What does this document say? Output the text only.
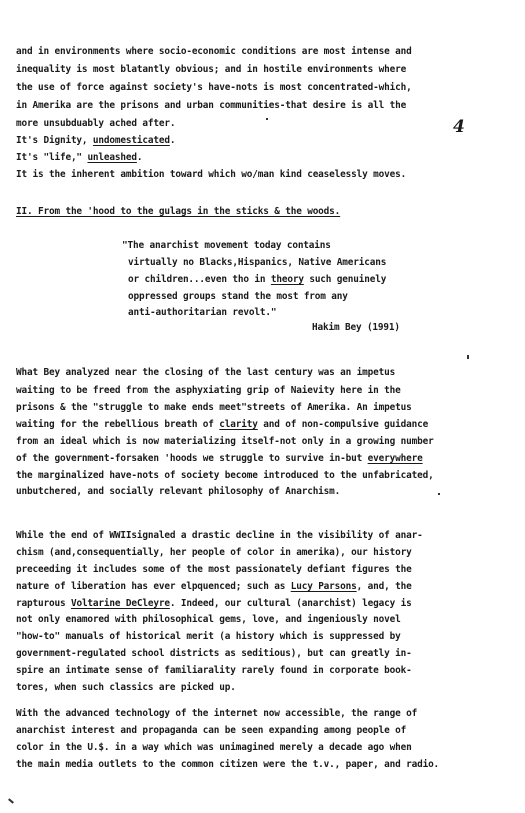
and in environments where socio-economic conditions are most intense and
inequality is most blatantly obvious; and in hostile environments where
the use of force against society's have-nots is most concentrated-which,
in Amerika are the prisons and urban communities-that desire is all the
more unsubduably ached after.	4
It's Dignity, undomesticated.
It's "life," unleashed.
It is the inherent ambition toward which wo/man kind ceaselessly moves.
II. From the 'hood to the gulags in the sticks & the woods.
"The anarchist movement today contains
virtually no Blacks,Hispanics, Native Americans
or children...even tho in theory such genuinely
oppressed groups stand the most from any
anti-authoritarian revolt."
Hakim Bey (1991)
What Bey analyzed near the closing of the last century was an impetus
waiting to be freed from the asphyxiating grip of Naievity here in the
prisons & the "struggle to make ends meet"streets of Amerika. An impetus
waiting for the rebellious breath of clarity and of non-compulsive guidance
from an ideal which is now materializing itself-not only in a growing number
of the government-forsaken 'hoods we struggle to survive in-but everywhere
the marginalized have-nots of society become introduced to the unfabricated,
unbutchered, and socially relevant philosophy of Anarchism.
While the end of WWIIsignaled a drastic decline in the visibility of anar-
chism (and,consequentially, her people of color in amerika), our history
preceeding it includes some of the most passionately defiant figures the
nature of liberation has ever elpquenced; such as Lucy Parsons, and, the
rapturous Voltarine DeCleyre. Indeed, our cultural (anarchist) legacy is
not only enamored with philosophical gems, love, and ingeniously novel
"how-to" manuals of historical merit (a history which is suppressed by
government-regulated school districts as seditious), but can greatly in-
spire an intimate sense of familiarality rarely found in corporate book-
tores, when such classics are picked up.
With the advanced technology of the internet now accessible, the range of
anarchist interest and propaganda can be seen expanding among people of
color in the U.$. in a way which was unimagined merely a decade ago when
the main media outlets to the common citizen were the t.v., paper, and radio.
